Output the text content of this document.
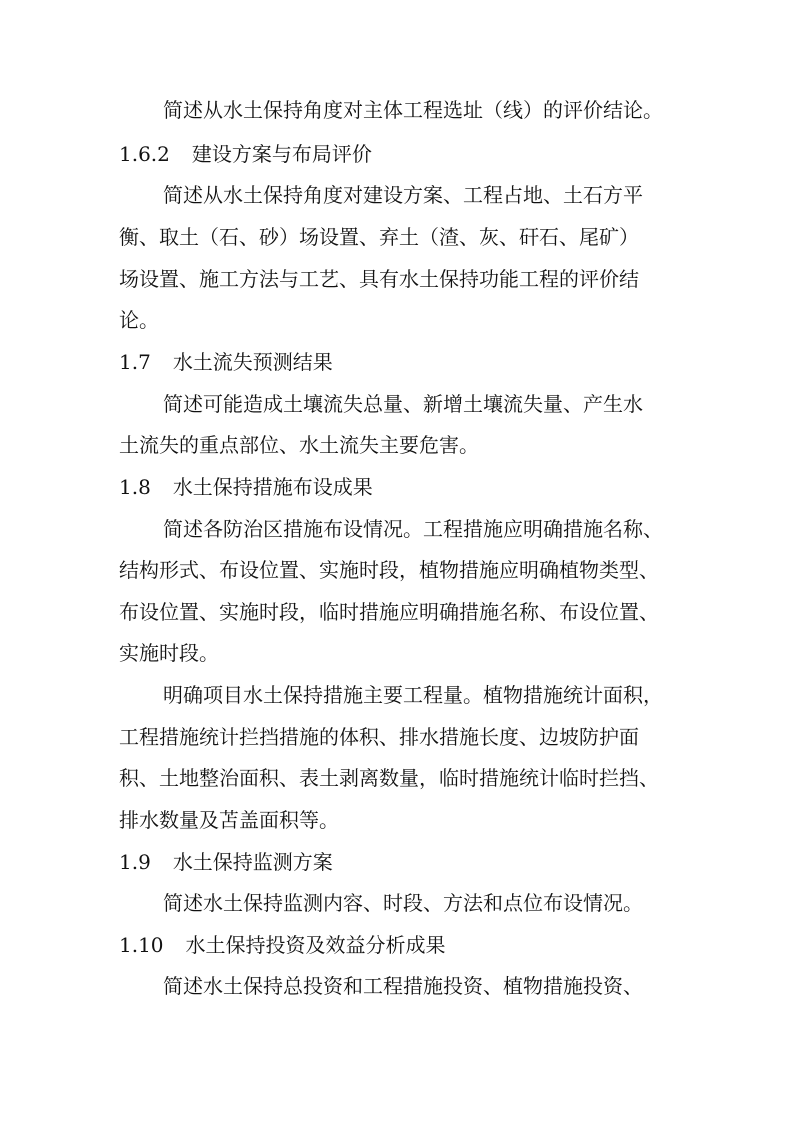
简述从水土保持角度对主体工程选址（线）的评价结论。
1.6.2 建设方案与布局评价
简述从水土保持角度对建设方案、工程占地、土石方平
衡、取土（石、砂）场设置、弃土（渣、灰、矸石、尾矿）
场设置、施工方法与工艺、具有水土保持功能工程的评价结
论。
1.7 水土流失预测结果
简述可能造成土壤流失总量、新增土壤流失量、产生水
土流失的重点部位、水土流失主要危害。
1.8 水土保持措施布设成果
简述各防治区措施布设情况。工程措施应明确措施名称、
结构形式、布设位置、实施时段，植物措施应明确植物类型、
布设位置、实施时段，临时措施应明确措施名称、布设位置、
实施时段。
明确项目水土保持措施主要工程量。植物措施统计面积，
工程措施统计拦挡措施的体积、排水措施长度、边坡防护面
积、土地整治面积、表土剥离数量，临时措施统计临时拦挡、
排水数量及苫盖面积等。
1.9 水土保持监测方案
简述水土保持监测内容、时段、方法和点位布设情况。
1.10 水土保持投资及效益分析成果
简述水土保持总投资和工程措施投资、植物措施投资、
